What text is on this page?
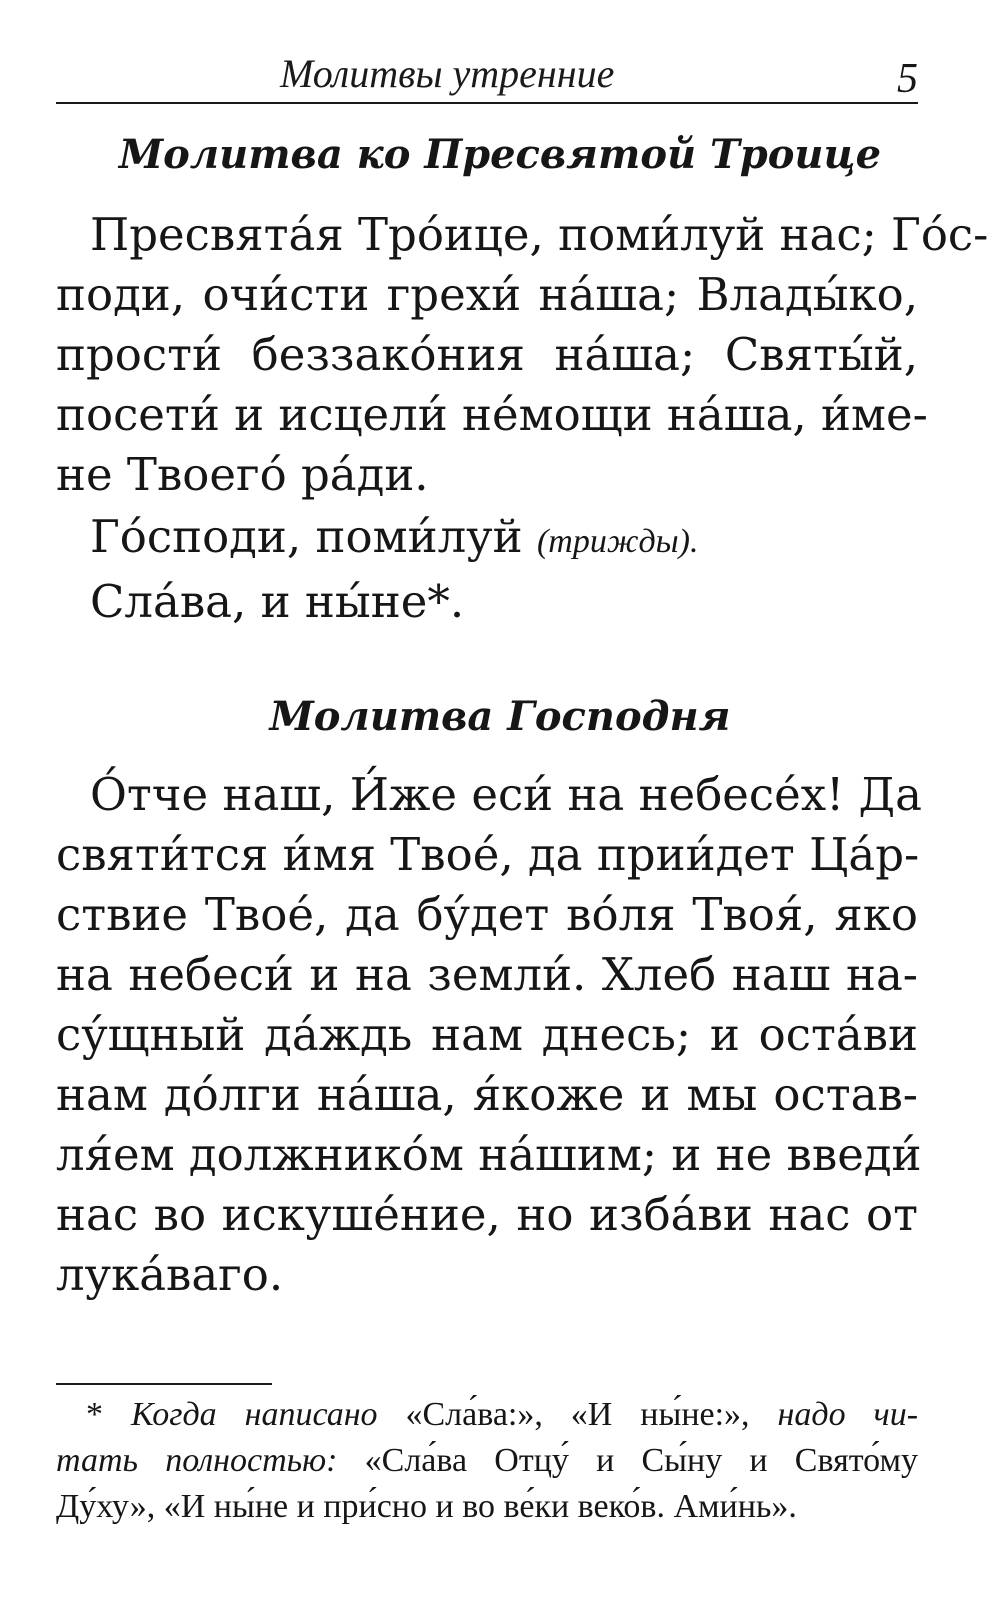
Молитвы утренние	5
Молитва ко Пресвятой Троице
Пресвята́я Тро́ице, поми́луй нас; Го́с-
поди, очи́сти грехи́ на́ша; Влады́ко,
прости́ беззако́ния на́ша; Святы́й,
посети́ и исцели́ не́мощи на́ша, и́ме-
не Твоего́ ра́ди.
Го́споди, поми́луй (трижды).
Сла́ва, и ны́не*.
Молитва Господня
О́тче наш, И́же еси́ на небесе́х! Да
святи́тся и́мя Твое́, да прии́дет Ца́р-
ствие Твое́, да бу́дет во́ля Твоя́, яко
на небеси́ и на земли́. Хлеб наш на-
су́щный да́ждь нам днесь; и оста́ви
нам до́лги на́ша, я́коже и мы остав-
ля́ем должнико́м на́шим; и не введи́
нас во искуше́ние, но изба́ви нас от
лука́ваго.
* Когда написано «Сла́ва:», «И ны́не:», надо чи-
тать полностью: «Сла́ва Отцу́ и Сы́ну и Свято́му
Ду́ху», «И ны́не и при́сно и во ве́ки веко́в. Ами́нь».
